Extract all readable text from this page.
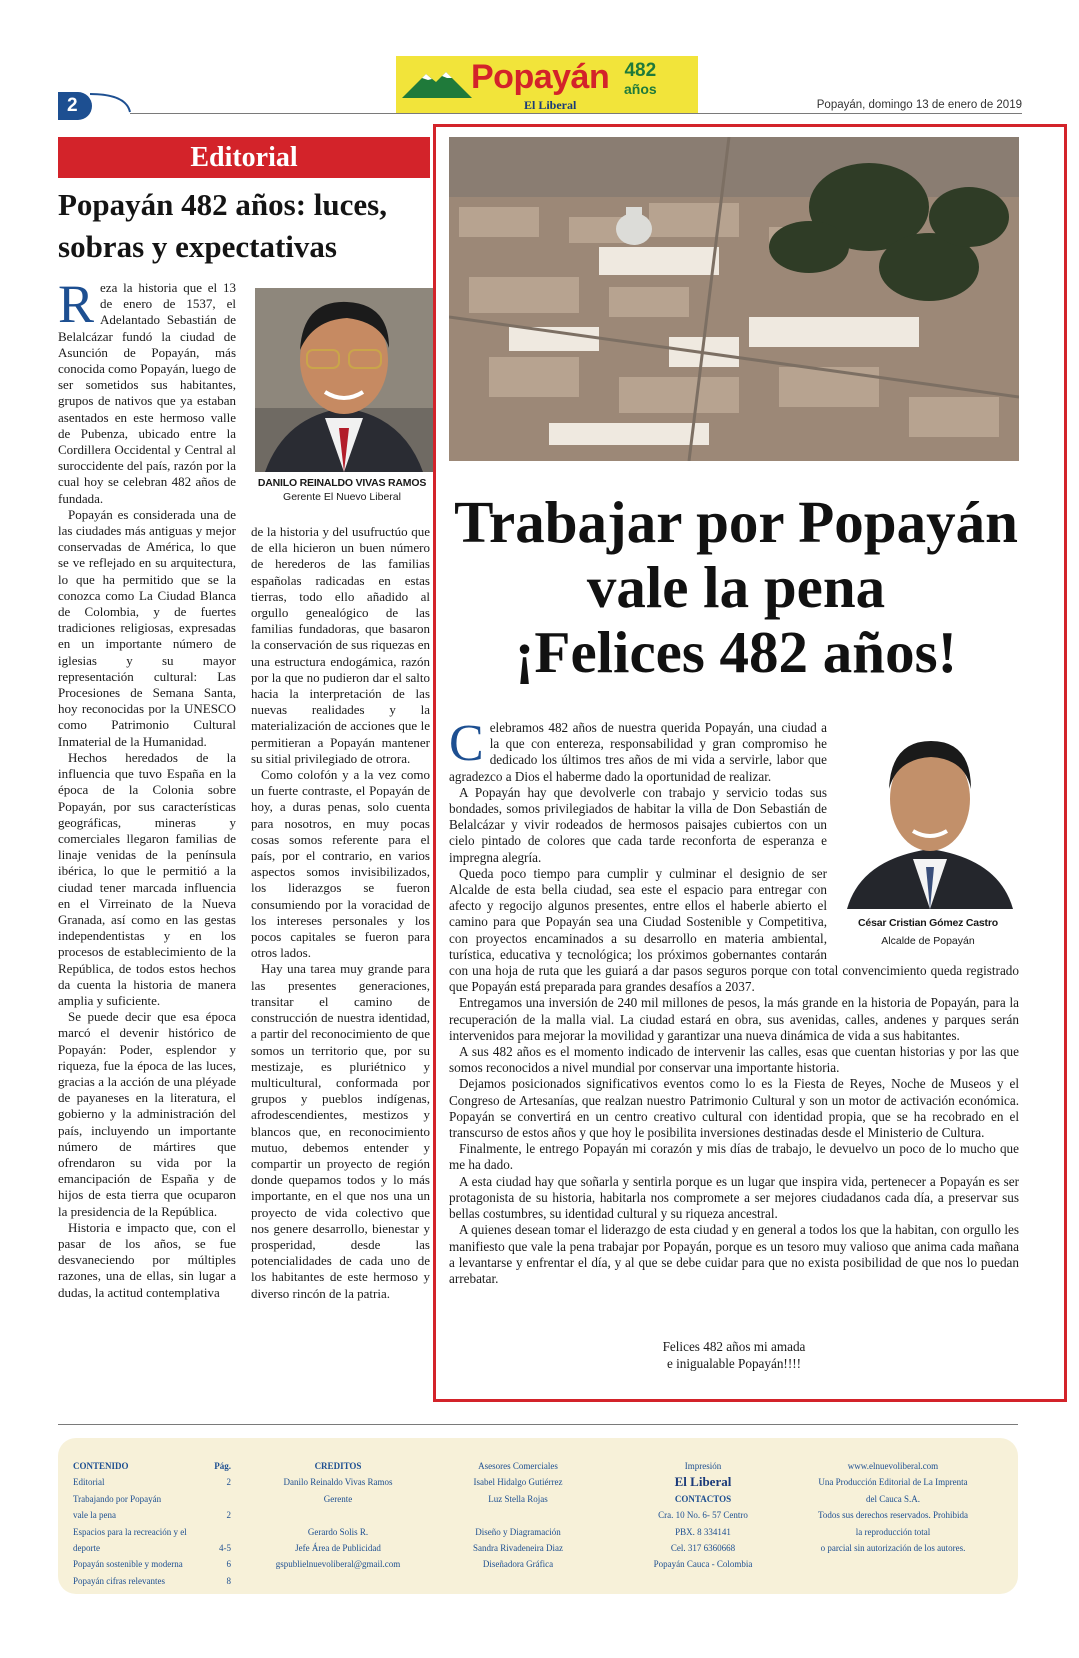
Popayán 482
años
El Liberal
2	Popayán, domingo 13 de enero de 2019
Editorial
Popayán 482 años: luces, sobras y expectativas

Reza la historia que el 13 de enero de 1537, el Adelantado Sebastián de Belalcázar fundó la ciudad de Asunción de Popayán, más conocida como Popayán, luego de ser sometidos sus habitantes, grupos de nativos que ya estaban asentados en este hermoso valle de Pubenza, ubicado entre la Cordillera Occidental y Central al suroccidente del país, razón por la cual hoy se celebran 482 años de fundada.

Popayán es considerada una de las ciudades más antiguas y mejor conservadas de América, lo que se ve reflejado en su arquitectura, lo que ha permitido que se la conozca como La Ciudad Blanca de Colombia, y de fuertes tradiciones religiosas, expresadas en un importante número de iglesias y su mayor representación cultural: Las Procesiones de Semana Santa, hoy reconocidas por la UNESCO como Patrimonio Cultural Inmaterial de la Humanidad.

Hechos heredados de la influencia que tuvo España en la época de la Colonia sobre Popayán, por sus características geográficas, mineras y comerciales llegaron familias de linaje venidas de la península ibérica, lo que le permitió a la ciudad tener marcada influencia en el Virreinato de la Nueva Granada, así como en las gestas independentistas y en los procesos de establecimiento de la República, de todos estos hechos da cuenta la historia de manera amplia y suficiente.

Se puede decir que esa época marcó el devenir histórico de Popayán: Poder, esplendor y riqueza, fue la época de las luces, gracias a la acción de una pléyade de payaneses en la literatura, el gobierno y la administración del país, incluyendo un importante número de mártires que ofrendaron su vida por la emancipación de España y de hijos de esta tierra que ocuparon la presidencia de la República.

Historia e impacto que, con el pasar de los años, se fue desvaneciendo por múltiples razones, una de ellas, sin lugar a dudas, la actitud contemplativa

DANILO REINALDO VIVAS RAMOS
Gerente El Nuevo Liberal

de la historia y del usufructúo que de ella hicieron un buen número de herederos de las familias españolas radicadas en estas tierras, todo ello añadido al orgullo genealógico de las familias fundadoras, que basaron la conservación de sus riquezas en una estructura endogámica, razón por la que no pudieron dar el salto hacia la interpretación de las nuevas realidades y la materialización de acciones que le permitieran a Popayán mantener su sitial privilegiado de otrora.

Como colofón y a la vez como un fuerte contraste, el Popayán de hoy, a duras penas, solo cuenta para nosotros, en muy pocas cosas somos referente para el país, por el contrario, en varios aspectos somos invisibilizados, los liderazgos se fueron consumiendo por la voracidad de los intereses personales y los pocos capitales se fueron para otros lados.

Hay una tarea muy grande para las presentes generaciones, transitar el camino de construcción de nuestra identidad, a partir del reconocimiento de que somos un territorio que, por su mestizaje, es pluriétnico y multicultural, conformada por grupos y pueblos indígenas, afrodescendientes, mestizos y blancos que, en reconocimiento mutuo, debemos entender y compartir un proyecto de región donde quepamos todos y lo más importante, en el que nos una un proyecto de vida colectivo que nos genere desarrollo, bienestar y prosperidad, desde las potencialidades de cada uno de los habitantes de este hermoso y diverso rincón de la patria.

Trabajar por Popayán
vale la pena
¡Felices 482 años!
César Cristian Gómez Castro
Alcalde de Popayán

Celebramos 482 años de nuestra querida Popayán, una ciudad a la que con entereza, responsabilidad y gran compromiso he dedicado los últimos tres años de mi vida a servirle, labor que agradezco a Dios el haberme dado la oportunidad de realizar.

A Popayán hay que devolverle con trabajo y servicio todas sus bondades, somos privilegiados de habitar la villa de Don Sebastián de Belalcázar y vivir rodeados de hermosos paisajes cubiertos con un cielo pintado de colores que cada tarde reconforta de esperanza e impregna alegría.

Queda poco tiempo para cumplir y culminar el designio de ser Alcalde de esta bella ciudad, sea este el espacio para entregar con afecto y regocijo algunos presentes, entre ellos el haberle abierto el camino para que Popayán sea una Ciudad Sostenible y Competitiva, con proyectos encaminados a su desarrollo en materia ambiental, turística, educativa y tecnológica; los próximos gobernantes contarán con una hoja de ruta que les guiará a dar pasos seguros porque con total convencimiento queda registrado que Popayán está preparada para grandes desafíos a 2037.

Entregamos una inversión de 240 mil millones de pesos, la más grande en la historia de Popayán, para la recuperación de la malla vial. La ciudad estará en obra, sus avenidas, calles, andenes y parques serán intervenidos para mejorar la movilidad y garantizar una nueva dinámica de vida a sus habitantes.

A sus 482 años es el momento indicado de intervenir las calles, esas que cuentan historias y por las que somos reconocidos a nivel mundial por conservar una importante historia.

Dejamos posicionados significativos eventos como lo es la Fiesta de Reyes, Noche de Museos y el Congreso de Artesanías, que realzan nuestro Patrimonio Cultural y son un motor de activación económica. Popayán se convertirá en un centro creativo cultural con identidad propia, que se ha recobrado en el transcurso de estos años y que hoy le posibilita inversiones destinadas desde el Ministerio de Cultura.

Finalmente, le entrego Popayán mi corazón y mis días de trabajo, le devuelvo un poco de lo mucho que me ha dado.

A esta ciudad hay que soñarla y sentirla porque es un lugar que inspira vida, pertenecer a Popayán es ser protagonista de su historia, habitarla nos compromete a ser mejores ciudadanos cada día, a preservar sus bellas costumbres, su identidad cultural y su riqueza ancestral.

A quienes desean tomar el liderazgo de esta ciudad y en general a todos los que la habitan, con orgullo les manifiesto que vale la pena trabajar por Popayán, porque es un tesoro muy valioso que anima cada mañana a levantarse y enfrentar el día, y al que se debe cuidar para que no exista posibilidad de que nos lo puedan arrebatar.

Felices 482 años mi amada
e inigualable Popayán!!!!
CONTENIDO	Pág.
Editorial	2
Trabajando por Popayán
vale la pena	2
Espacios para la recreación y el
deporte	4-5
Popayán sostenible y moderna	6
Popayán cifras relevantes	8
CREDITOS
Danilo Reinaldo Vivas Ramos
Gerente

Gerardo Solis R.
Jefe Área de Publicidad
gspublielnuevoliberal@gmail.com
Asesores Comerciales
Isabel Hidalgo Gutiérrez
Luz Stella Rojas

Diseño y Diagramación
Sandra Rivadeneira Diaz
Diseñadora Gráfica
Impresión
El Liberal
CONTACTOS
Cra. 10 No. 6- 57 Centro
PBX. 8 334141
Cel. 317 6360668
Popayán Cauca - Colombia
www.elnuevoliberal.com
Una Producción Editorial de La Imprenta
del Cauca S.A.
Todos sus derechos reservados. Prohibida
la reproducción total
o parcial sin autorización de los autores.
